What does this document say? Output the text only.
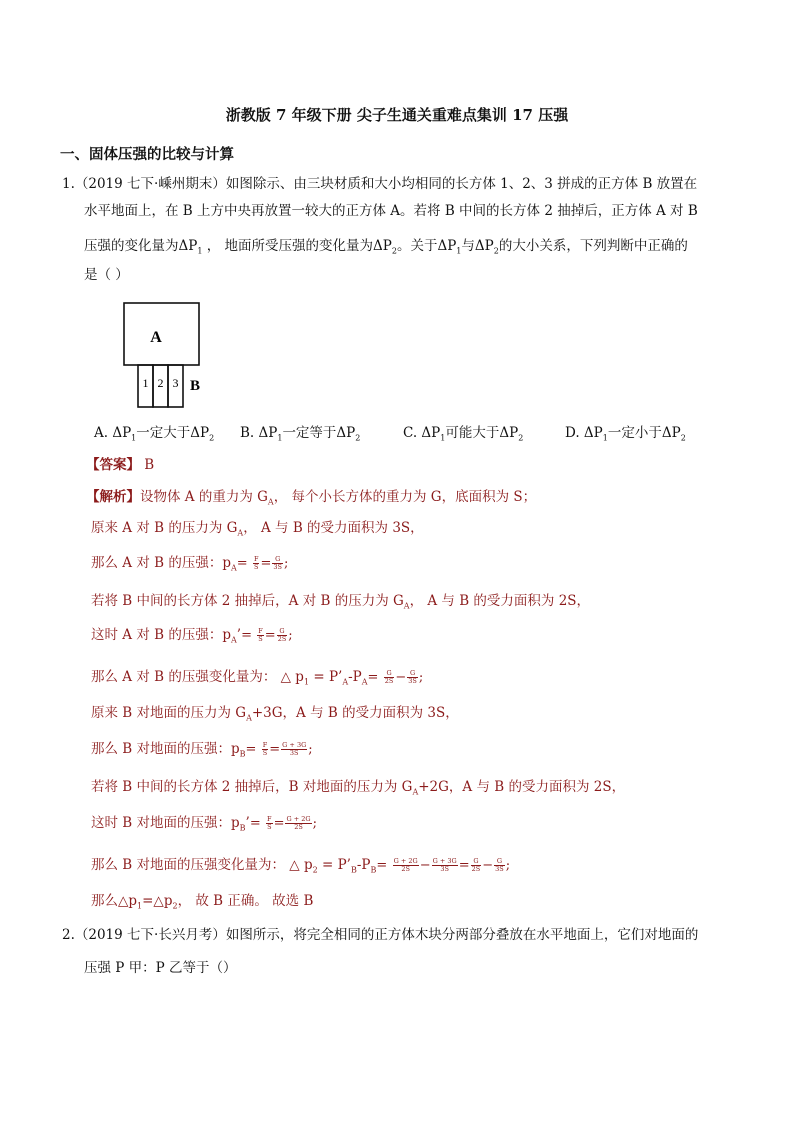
浙教版 7 年级下册 尖子生通关重难点集训 17 压强
一、固体压强的比较与计算
1.（2019 七下·嵊州期末）如图除示、由三块材质和大小均相同的长方体 1、2、3 拼成的正方体 B 放置在
水平地面上，在 B 上方中央再放置一较大的正方体 A。若将 B 中间的长方体 2 抽掉后，正方体 A 对 B
压强的变化量为$\Delta P_1$ ， 地面所受压强的变化量为$\Delta P_2$。关于$\Delta P_1$与$\Delta P_2$的大小关系，下列判断中正确的
是（ ）
A
1 2 3 B
A. $\Delta P_1$一定大于$\Delta P_2$ B. $\Delta P_1$一定等于$\Delta P_2$	C. $\Delta P_1$可能大于$\Delta P_2$	D. $\Delta P_1$一定小于$\Delta P_2$
【答案】 B
【解析】设物体 A 的重力为 $G_A$， 每个小长方体的重力为 G，底面积为 S；
原来 A 对 B 的压力为 $G_A$， A 与 B 的受力面积为 3S，
那么 A 对 B 的压强：$p_A= \frac{F}{S} = \frac{G}{3S}$ ;
若将 B 中间的长方体 2 抽掉后，A 对 B 的压力为 $G_A$， A 与 B 的受力面积为 2S，
这时 A 对 B 的压强：$p_A’= \frac{F}{S} = \frac{G}{2S}$ ;
那么 A 对 B 的压强变化量为： △ $p_1$ = $P’_A-P_A= \frac{G}{2S} - \frac{G}{3S}$ ;
原来 B 对地面的压力为 $G_A+3G$，A 与 B 的受力面积为 3S，
那么 B 对地面的压强：$p_B= \frac{F}{S} = \frac{G + 3G}{3S}$ ;
若将 B 中间的长方体 2 抽掉后，B 对地面的压力为 $G_A+2G$，A 与 B 的受力面积为 2S，
这时 B 对地面的压强：$p_B’= \frac{F}{S} = \frac{G + 2G}{2S}$ ;
那么 B 对地面的压强变化量为： △ $p_2$ = $P’_B-P_B= \frac{G + 2G}{2S} - \frac{G + 3G}{3S} = \frac{G}{2S} - \frac{G}{3S}$ ;
那么$\triangle p_1=\triangle p_2$， 故 B 正确。 故选 B
2.（2019 七下·长兴月考）如图所示，将完全相同的正方体木块分两部分叠放在水平地面上，它们对地面的
压强 P 甲：P 乙等于（）
